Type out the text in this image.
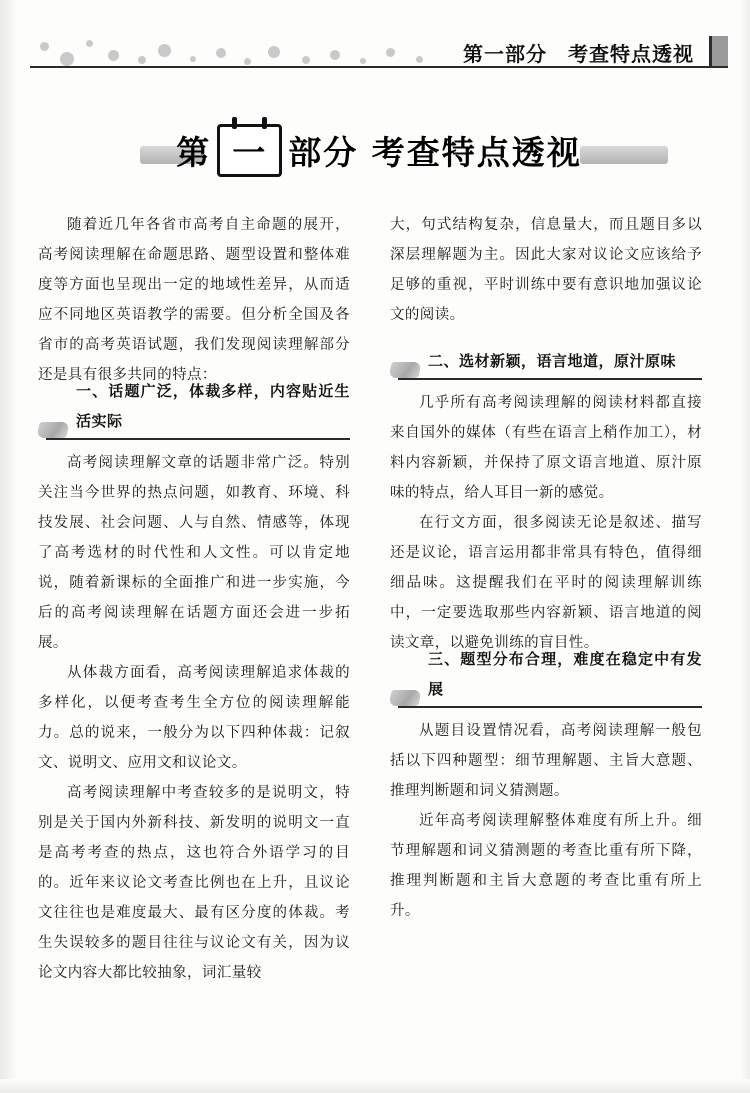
第一部分　考查特点透视
第 一 部分 考查特点透视

随着近几年各省市高考自主命题的展开，高考阅读理解在命题思路、题型设置和整体难度等方面也呈现出一定的地域性差异，从而适应不同地区英语教学的需要。但分析全国及各省市的高考英语试题，我们发现阅读理解部分还是具有很多共同的特点：

一、话题广泛，体裁多样，内容贴近生活实际

高考阅读理解文章的话题非常广泛。特别关注当今世界的热点问题，如教育、环境、科技发展、社会问题、人与自然、情感等，体现了高考选材的时代性和人文性。可以肯定地说，随着新课标的全面推广和进一步实施，今后的高考阅读理解在话题方面还会进一步拓展。

从体裁方面看，高考阅读理解追求体裁的多样化，以便考查考生全方位的阅读理解能力。总的说来，一般分为以下四种体裁：记叙文、说明文、应用文和议论文。

高考阅读理解中考查较多的是说明文，特别是关于国内外新科技、新发明的说明文一直是高考考查的热点，这也符合外语学习的目的。近年来议论文考查比例也在上升，且议论文往往也是难度最大、最有区分度的体裁。考生失误较多的题目往往与议论文有关，因为议论文内容大都比较抽象，词汇量较

大，句式结构复杂，信息量大，而且题目多以深层理解题为主。因此大家对议论文应该给予足够的重视，平时训练中要有意识地加强议论文的阅读。

二、选材新颖，语言地道，原汁原味

几乎所有高考阅读理解的阅读材料都直接来自国外的媒体（有些在语言上稍作加工），材料内容新颖，并保持了原文语言地道、原汁原味的特点，给人耳目一新的感觉。

在行文方面，很多阅读无论是叙述、描写还是议论，语言运用都非常具有特色，值得细细品味。这提醒我们在平时的阅读理解训练中，一定要选取那些内容新颖、语言地道的阅读文章，以避免训练的盲目性。

三、题型分布合理，难度在稳定中有发展

从题目设置情况看，高考阅读理解一般包括以下四种题型：细节理解题、主旨大意题、推理判断题和词义猜测题。

近年高考阅读理解整体难度有所上升。细节理解题和词义猜测题的考查比重有所下降，推理判断题和主旨大意题的考查比重有所上升。
